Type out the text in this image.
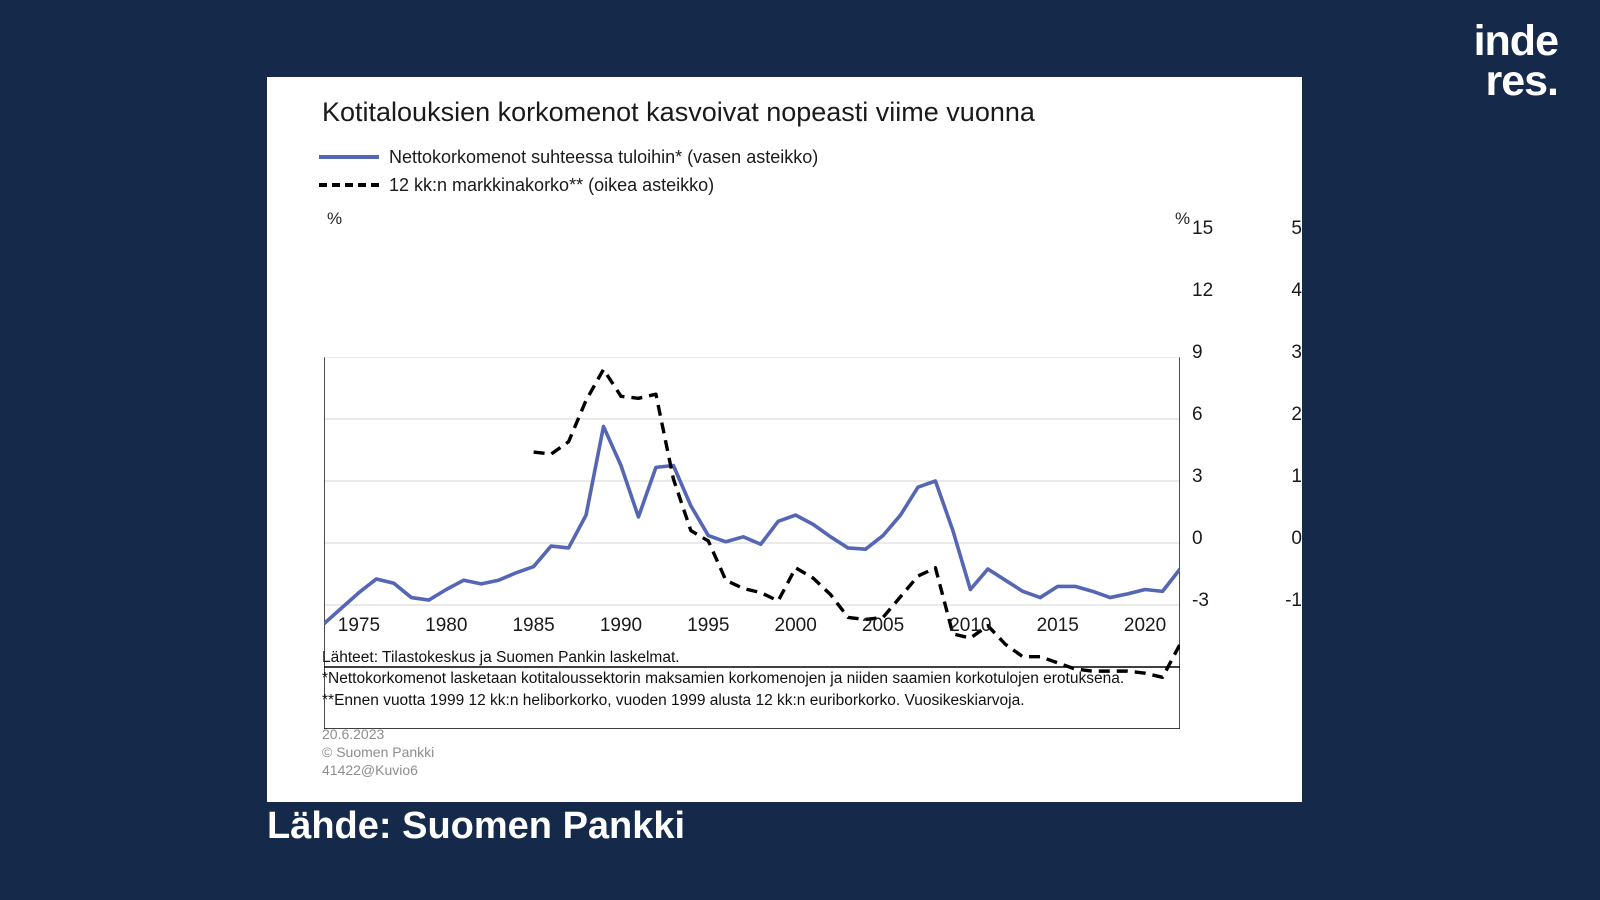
inde
res.
Kotitalouksien korkomenot kasvoivat nopeasti viime vuonna
Nettokorkomenot suhteessa tuloihin* (vasen asteikko)
12 kk:n markkinakorko** (oikea asteikko)
%	%
-1
0
1
2
3
4
5
-3
0
3
6
9
12
15
1975 1980 1985 1990 1995 2000 2005 2010 2015 2020
Lähteet: Tilastokeskus ja Suomen Pankin laskelmat.
*Nettokorkomenot lasketaan kotitaloussektorin maksamien korkomenojen ja niiden saamien korkotulojen erotuksena.
**Ennen vuotta 1999 12 kk:n heliborkorko, vuoden 1999 alusta 12 kk:n euriborkorko. Vuosikeskiarvoja.
20.6.2023
© Suomen Pankki
41422@Kuvio6
Lähde: Suomen Pankki
